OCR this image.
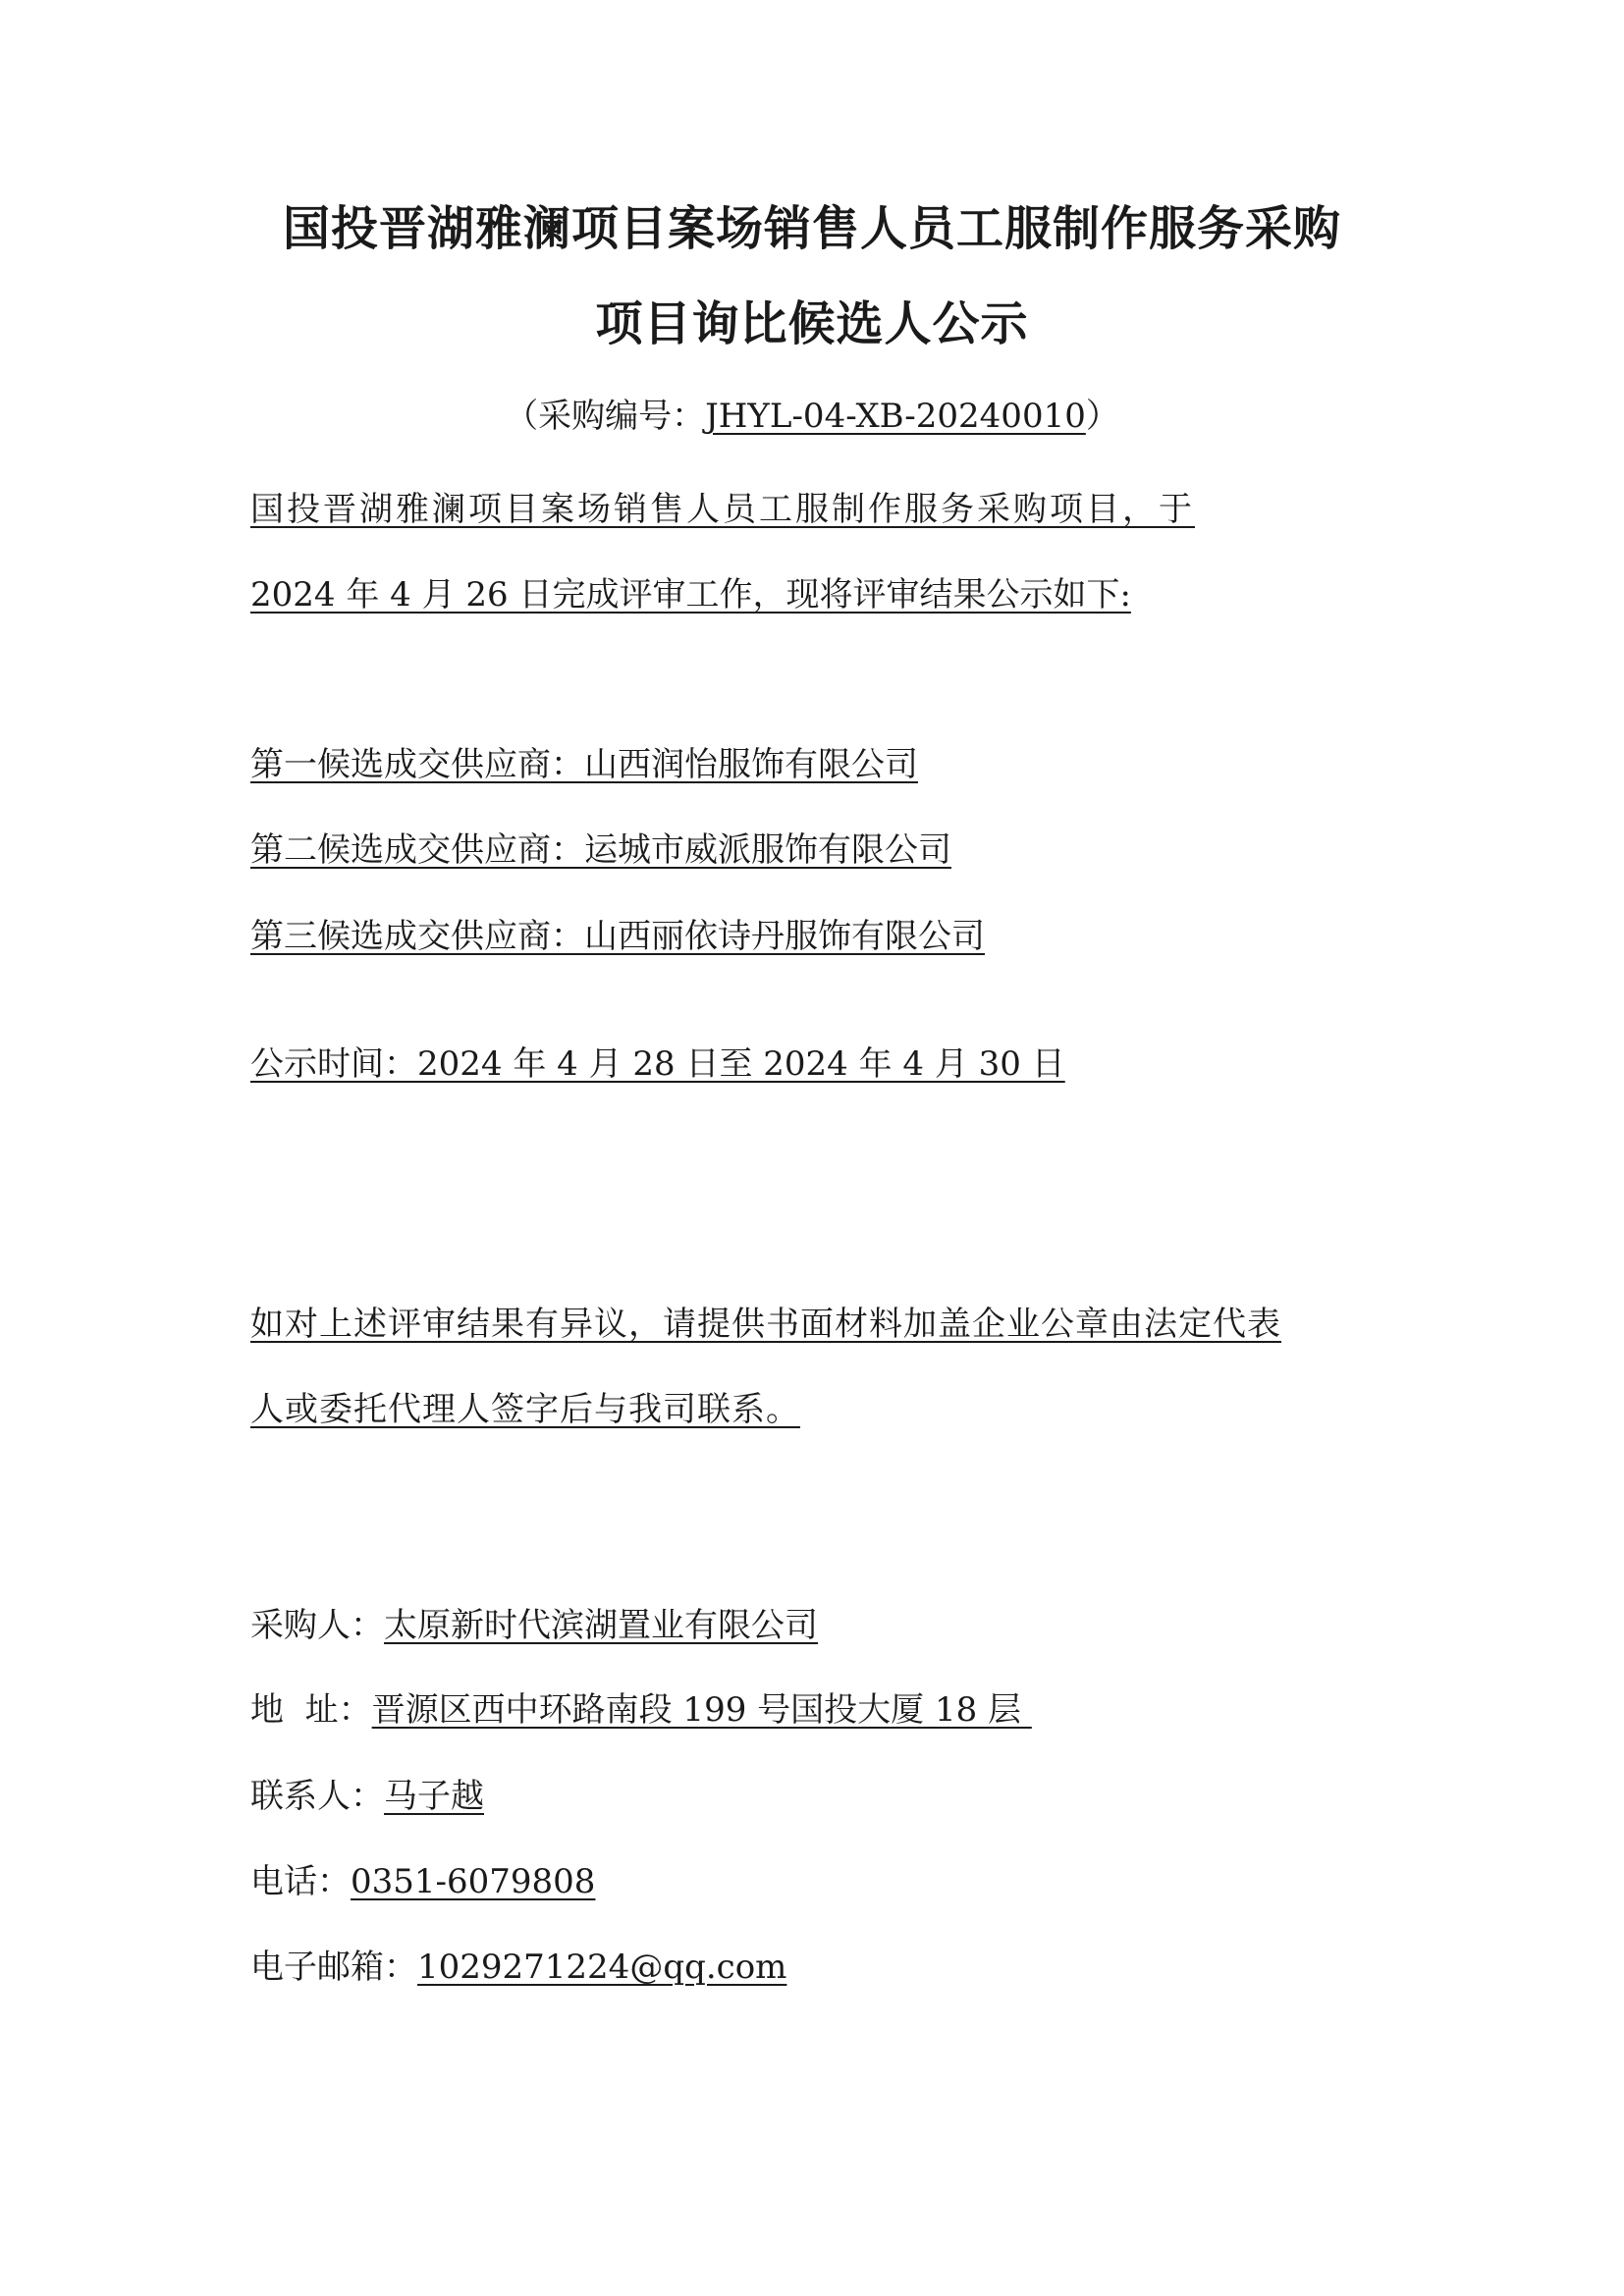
国投晋湖雅澜项目案场销售人员工服制作服务采购
项目询比候选人公示
（采购编号：JHYL-04-XB-20240010）
国投晋湖雅澜项目案场销售人员工服制作服务采购项目，于
2024 年 4 月 26 日完成评审工作，现将评审结果公示如下:
第一候选成交供应商：山西润怡服饰有限公司
第二候选成交供应商：运城市威派服饰有限公司
第三候选成交供应商：山西丽依诗丹服饰有限公司
公示时间：2024 年 4 月 28 日至 2024 年 4 月 30 日
如对上述评审结果有异议，请提供书面材料加盖企业公章由法定代表
人或委托代理人签字后与我司联系。
采购人：太原新时代滨湖置业有限公司
地  址：晋源区西中环路南段 199 号国投大厦 18 层
联系人：马子越
电话：0351-6079808
电子邮箱：1029271224@qq.com
